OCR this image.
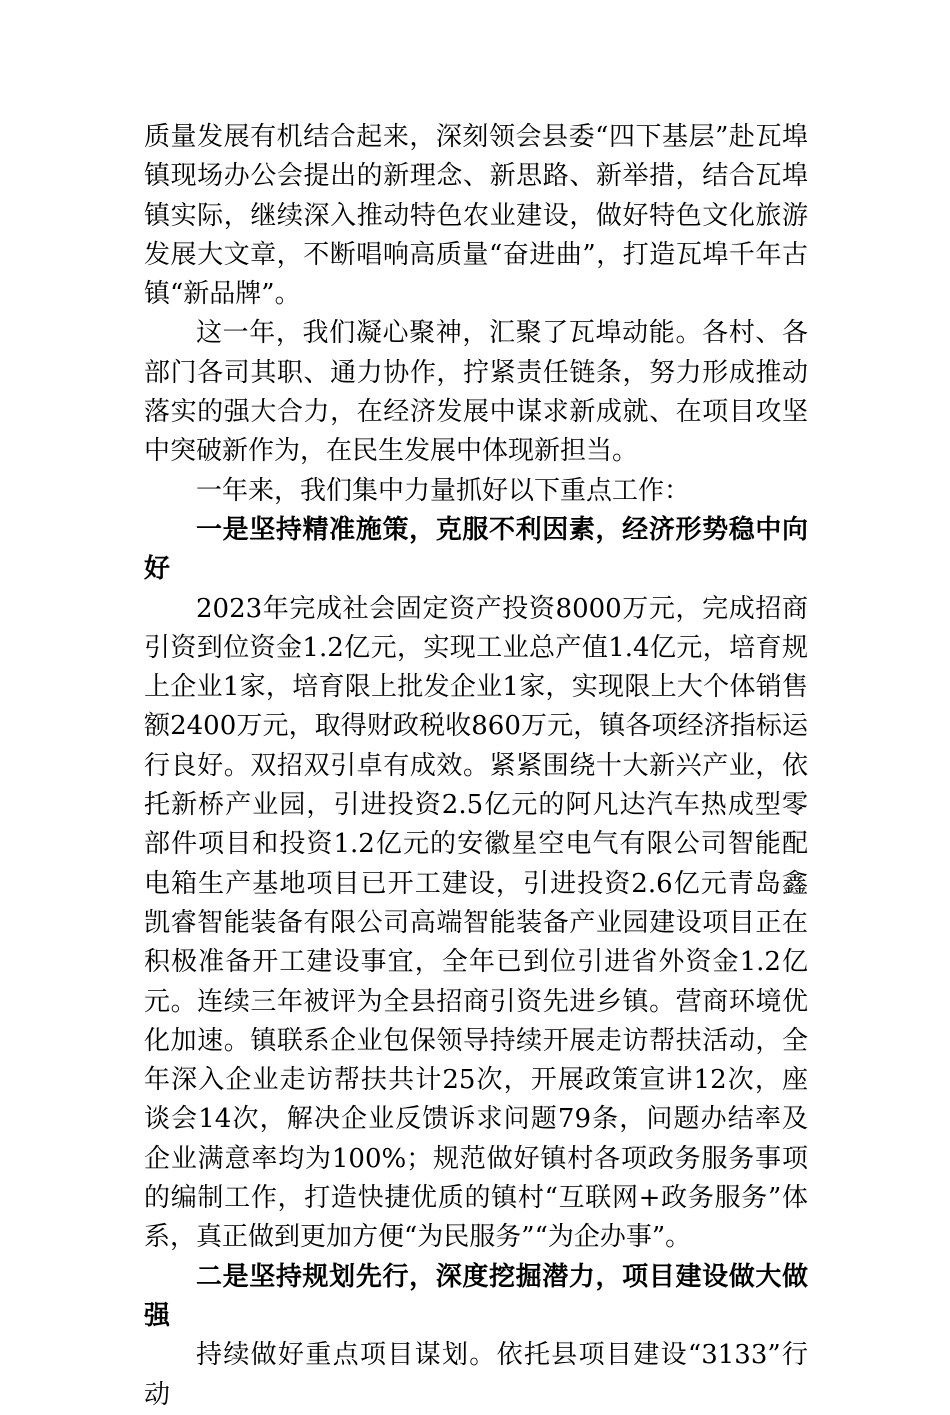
质量发展有机结合起来，深刻领会县委“四下基层”赴瓦埠镇现场办公会提出的新理念、新思路、新举措，结合瓦埠镇实际，继续深入推动特色农业建设，做好特色文化旅游发展大文章，不断唱响高质量“奋进曲”，打造瓦埠千年古镇“新品牌”。

这一年，我们凝心聚神，汇聚了瓦埠动能。各村、各部门各司其职、通力协作，拧紧责任链条，努力形成推动落实的强大合力，在经济发展中谋求新成就、在项目攻坚中突破新作为，在民生发展中体现新担当。

一年来，我们集中力量抓好以下重点工作：

一是坚持精准施策，克服不利因素，经济形势稳中向好

2023年完成社会固定资产投资8000万元，完成招商引资到位资金1.2亿元，实现工业总产值1.4亿元，培育规上企业1家，培育限上批发企业1家，实现限上大个体销售额2400万元，取得财政税收860万元，镇各项经济指标运行良好。双招双引卓有成效。紧紧围绕十大新兴产业，依托新桥产业园，引进投资2.5亿元的阿凡达汽车热成型零部件项目和投资1.2亿元的安徽星空电气有限公司智能配电箱生产基地项目已开工建设，引进投资2.6亿元青岛鑫凯睿智能装备有限公司高端智能装备产业园建设项目正在积极准备开工建设事宜，全年已到位引进省外资金1.2亿元。连续三年被评为全县招商引资先进乡镇。营商环境优化加速。镇联系企业包保领导持续开展走访帮扶活动，全年深入企业走访帮扶共计25次，开展政策宣讲12次，座谈会14次，解决企业反馈诉求问题79条，问题办结率及企业满意率均为100%；规范做好镇村各项政务服务事项的编制工作，打造快捷优质的镇村“互联网+政务服务”体系，真正做到更加方便“为民服务”“为企办事”。

二是坚持规划先行，深度挖掘潜力，项目建设做大做强

持续做好重点项目谋划。依托县项目建设“3133”行动
